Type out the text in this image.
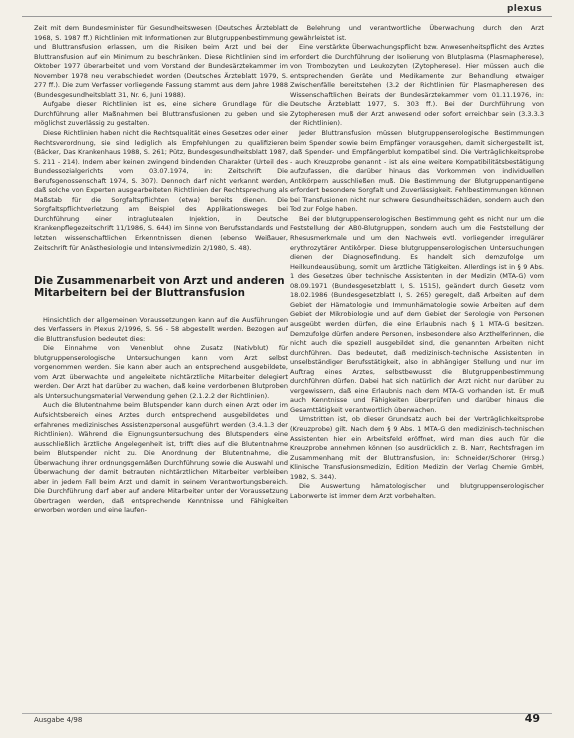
plexus

Zeit mit dem Bundesminister für Gesundheitswesen (Deutsches Ärzteblatt 1968, S. 1987 ff.) Richtlinien mit Informationen zur Blutgruppenbestimmung und Bluttransfusion erlassen, um die Risiken beim Arzt und bei der Bluttransfusion auf ein Minimum zu beschränken. Diese Richtlinien sind im Oktober 1977 überarbeitet und vom Vorstand der Bundesärztekammer im November 1978 neu verabschiedet worden (Deutsches Ärzteblatt 1979, S. 277 ff.). Die zum Verfasser vorliegende Fassung stammt aus dem Jahre 1988 (Bundesgesundheitsblatt 31, Nr. 6, Juni 1988).

Aufgabe dieser Richtlinien ist es, eine sichere Grundlage für die Durchführung aller Maßnahmen bei Bluttransfusionen zu geben und sie möglichst zuverlässig zu gestalten.

Diese Richtlinien haben nicht die Rechtsqualität eines Gesetzes oder einer Rechtsverordnung, sie sind lediglich als Empfehlungen zu qualifizieren (Bäcker, Das Krankenhaus 1988, S. 261; Pütz, Bundesgesundheitsblatt 1987, S. 211 - 214). Indem aber keinen zwingend bindenden Charakter (Urteil des Bundessozialgerichts vom 03.07.1974, in: Zeitschrift Die Berufsgenossenschaft 1974, S. 307). Dennoch darf nicht verkannt werden, daß solche von Experten ausgearbeiteten Richtlinien der Rechtsprechung als Maßstab für die Sorgfaltspflichten (etwa) bereits dienen. Die Sorgfaltspflichtverletzung am Beispiel des Applikationsweges bei Durchführung einer intraglutealen Injektion, in Deutsche Krankenpflegezeitschrift 11/1986, S. 644) im Sinne von Berufsstandards und letzten wissenschaftlichen Erkenntnissen dienen (ebenso Weißauer, Zeitschrift für Anästhesiologie und Intensivmedizin 2/1980, S. 48).

Die Zusammenarbeit von Arzt und anderen Mitarbeitern bei der Bluttransfusion

Hinsichtlich der allgemeinen Voraussetzungen kann auf die Ausführungen des Verfassers in Plexus 2/1996, S. 56 - 58 abgestellt werden. Bezogen auf die Bluttransfusion bedeutet dies:

Die Einnahme von Venenblut ohne Zusatz (Nativblut) für blutgruppenserologische Untersuchungen kann vom Arzt selbst vorgenommen werden. Sie kann aber auch an entsprechend ausgebildete, vom Arzt überwachte und angeleitete nichtärztliche Mitarbeiter delegiert werden. Der Arzt hat darüber zu wachen, daß keine verdorbenen Blutproben als Untersuchungsmaterial Verwendung gehen (2.1.2.2 der Richtlinien).

Auch die Blutentnahme beim Blutspender kann durch einen Arzt oder im Aufsichtsbereich eines Arztes durch entsprechend ausgebildetes und erfahrenes medizinisches Assistenzpersonal ausgeführt werden (3.4.1.3 der Richtlinien). Während die Eignungsuntersuchung des Blutspenders eine ausschließlich ärztliche Angelegenheit ist, trifft dies auf die Blutentnahme beim Blutspender nicht zu. Die Anordnung der Blutentnahme, die Überwachung ihrer ordnungsgemäßen Durchführung sowie die Auswahl und Überwachung der damit betrauten nichtärztlichen Mitarbeiter verbleiben aber in jedem Fall beim Arzt und damit in seinem Verantwortungsbereich. Die Durchführung darf aber auf andere Mitarbeiter unter der Voraussetzung übertragen werden, daß entsprechende Kenntnisse und Fähigkeiten erworben worden und eine laufen-

de Belehrung und verantwortliche Überwachung durch den Arzt gewährleistet ist.

Eine verstärkte Überwachungspflicht bzw. Anwesenheitspflicht des Arztes erfordert die Durchführung der Isolierung von Blutplasma (Plasmapherese), von Trombozyten und Leukozyten (Zytopherese). Hier müssen auch die entsprechenden Geräte und Medikamente zur Behandlung etwaiger Zwischenfälle bereitstehen (3.2 der Richtlinien für Plasmapheresen des Wissenschaftlichen Beirats der Bundesärztekammer vom 01.11.1976, in: Deutsche Ärzteblatt 1977, S. 303 ff.). Bei der Durchführung von Zytopheresen muß der Arzt anwesend oder sofort erreichbar sein (3.3.3.3 der Richtlinien).

Jeder Bluttransfusion müssen blutgruppenserologische Bestimmungen beim Spender sowie beim Empfänger vorausgehen, damit sichergestellt ist, daß Spender- und Empfängerblut kompatibel sind. Die Verträglichkeitsprobe - auch Kreuzprobe genannt - ist als eine weitere Kompatibilitätsbestätigung aufzufassen, die darüber hinaus das Vorkommen von individuellen Antikörpern ausschließen muß. Die Bestimmung der Blutgruppenantigene erfordert besondere Sorgfalt und Zuverlässigkeit. Fehlbestimmungen können bei Transfusionen nicht nur schwere Gesundheitsschäden, sondern auch den Tod zur Folge haben.

Bei der blutgruppenserologischen Bestimmung geht es nicht nur um die Feststellung der AB0-Blutgruppen, sondern auch um die Feststellung der Rhesusmerkmale und um den Nachweis evtl. vorliegender irregulärer erythrozytärer Antikörper. Diese blutgruppenserologischen Untersuchungen dienen der Diagnosefindung. Es handelt sich demzufolge um Heilkundeausübung, somit um ärztliche Tätigkeiten. Allerdings ist in § 9 Abs. 1 des Gesetzes über technische Assistenten in der Medizin (MTA-G) vom 08.09.1971 (Bundesgesetzblatt I, S. 1515), geändert durch Gesetz vom 18.02.1986 (Bundesgesetzblatt I, S. 265) geregelt, daß Arbeiten auf dem Gebiet der Hämatologie und Immunhämatologie sowie Arbeiten auf dem Gebiet der Mikrobiologie und auf dem Gebiet der Serologie von Personen ausgeübt werden dürfen, die eine Erlaubnis nach § 1 MTA-G besitzen. Demzufolge dürfen andere Personen, insbesondere also Arzthelferinnen, die nicht auch die speziell ausgebildet sind, die genannten Arbeiten nicht durchführen. Das bedeutet, daß medizinisch-technische Assistenten in unselbständiger Berufsstätigkeit, also in abhängiger Stellung und nur im Auftrag eines Arztes, selbstbewusst die Blutgruppenbestimmung durchführen dürfen. Dabei hat sich natürlich der Arzt nicht nur darüber zu vergewissern, daß eine Erlaubnis nach dem MTA-G vorhanden ist. Er muß auch Kenntnisse und Fähigkeiten überprüfen und darüber hinaus die Gesamttätigkeit verantwortlich überwachen.

Umstritten ist, ob dieser Grundsatz auch bei der Verträglichkeitsprobe (Kreuzprobe) gilt. Nach dem § 9 Abs. 1 MTA-G den medizinisch-technischen Assistenten hier ein Arbeitsfeld eröffnet, wird man dies auch für die Kreuzprobe annehmen können (so ausdrücklich z. B. Narr, Rechtsfragen im Zusammenhang mit der Bluttransfusion, in: Schneider/Schorer (Hrsg.) Klinische Transfusionsmedizin, Edition Medizin der Verlag Chemie GmbH, 1982, S. 344).

Die Auswertung hämatologischer und blutgruppenserologischer Laborwerte ist immer dem Arzt vorbehalten.

Ausgabe 4/98	49
